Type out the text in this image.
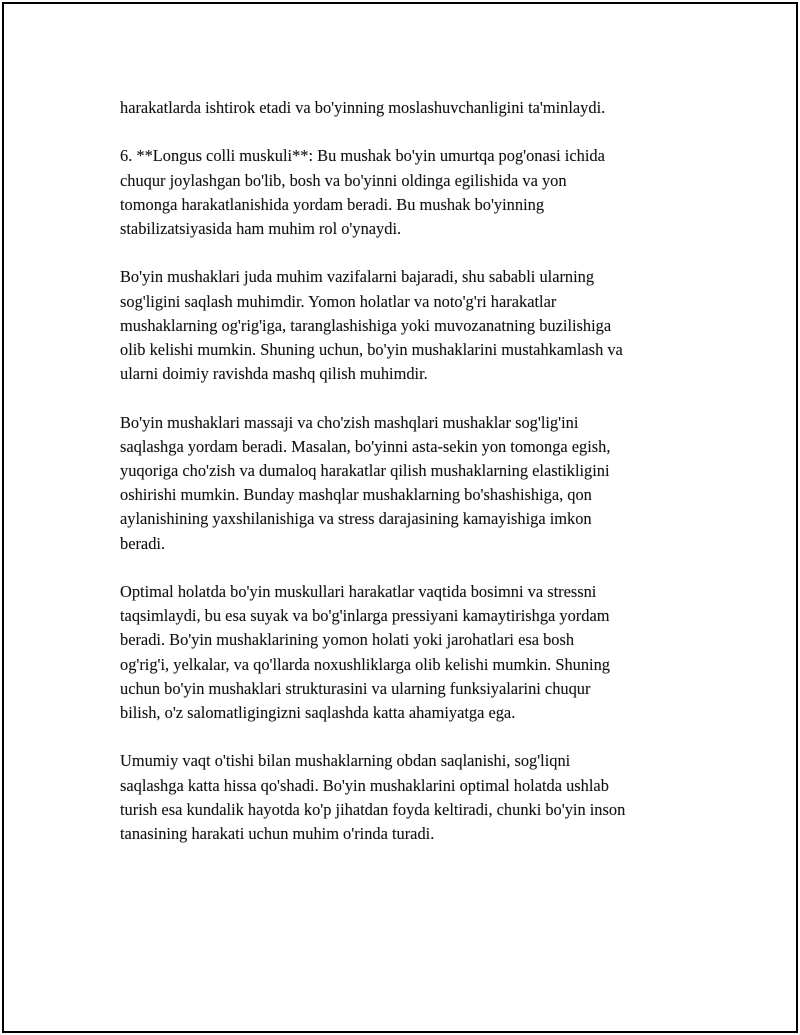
harakatlarda ishtirok etadi va bo'yinning moslashuvchanligini ta'minlaydi.

6. **Longus colli muskuli**: Bu mushak bo'yin umurtqa pog'onasi ichida
chuqur joylashgan bo'lib, bosh va bo'yinni oldinga egilishida va yon
tomonga harakatlanishida yordam beradi. Bu mushak bo'yinning
stabilizatsiyasida ham muhim rol o'ynaydi.

Bo'yin mushaklari juda muhim vazifalarni bajaradi, shu sababli ularning
sog'ligini saqlash muhimdir. Yomon holatlar va noto'g'ri harakatlar
mushaklarning og'rig'iga, taranglashishiga yoki muvozanatning buzilishiga
olib kelishi mumkin. Shuning uchun, bo'yin mushaklarini mustahkamlash va
ularni doimiy ravishda mashq qilish muhimdir.

Bo'yin mushaklari massaji va cho'zish mashqlari mushaklar sog'lig'ini
saqlashga yordam beradi. Masalan, bo'yinni asta-sekin yon tomonga egish,
yuqoriga cho'zish va dumaloq harakatlar qilish mushaklarning elastikligini
oshirishi mumkin. Bunday mashqlar mushaklarning bo'shashishiga, qon
aylanishining yaxshilanishiga va stress darajasining kamayishiga imkon
beradi.

Optimal holatda bo'yin muskullari harakatlar vaqtida bosimni va stressni
taqsimlaydi, bu esa suyak va bo'g'inlarga pressiyani kamaytirishga yordam
beradi. Bo'yin mushaklarining yomon holati yoki jarohatlari esa bosh
og'rig'i, yelkalar, va qo'llarda noxushliklarga olib kelishi mumkin. Shuning
uchun bo'yin mushaklari strukturasini va ularning funksiyalarini chuqur
bilish, o'z salomatligingizni saqlashda katta ahamiyatga ega.

Umumiy vaqt o'tishi bilan mushaklarning obdan saqlanishi, sog'liqni
saqlashga katta hissa qo'shadi. Bo'yin mushaklarini optimal holatda ushlab
turish esa kundalik hayotda ko'p jihatdan foyda keltiradi, chunki bo'yin inson
tanasining harakati uchun muhim o'rinda turadi.
